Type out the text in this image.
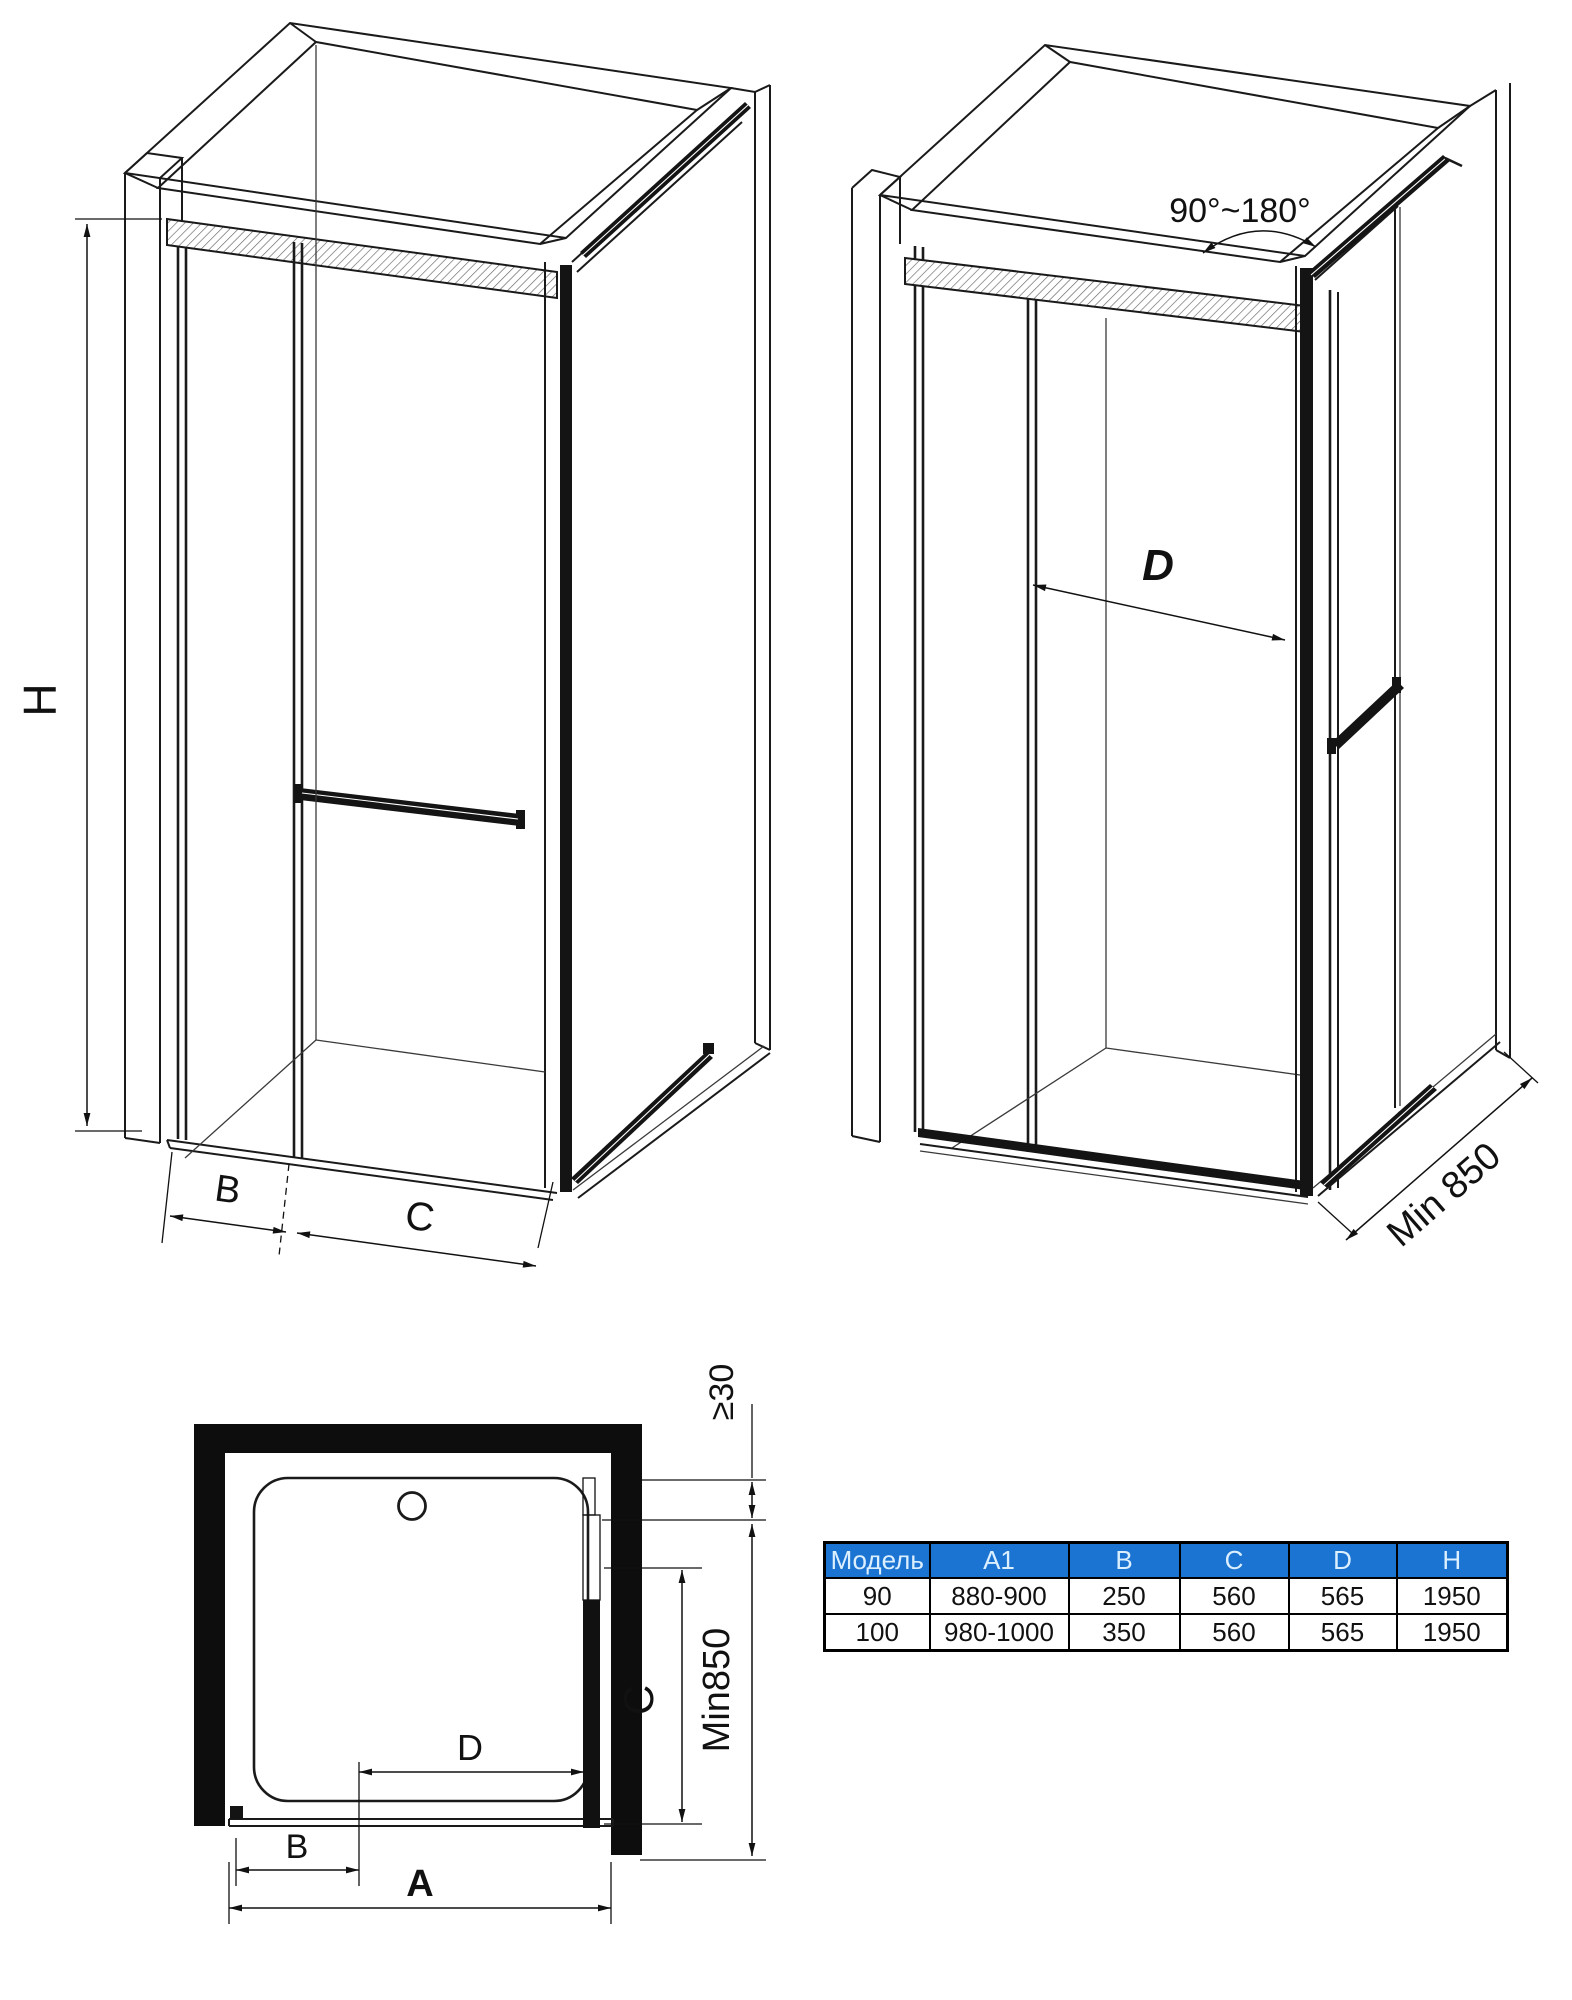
H
B
C
90°~180°
D
Min 850
D
B
A
≥30
Min850
C
Модель	A1	B	C	D	H
90	880-900	250	560	565	1950
100	980-1000	350	560	565	1950
